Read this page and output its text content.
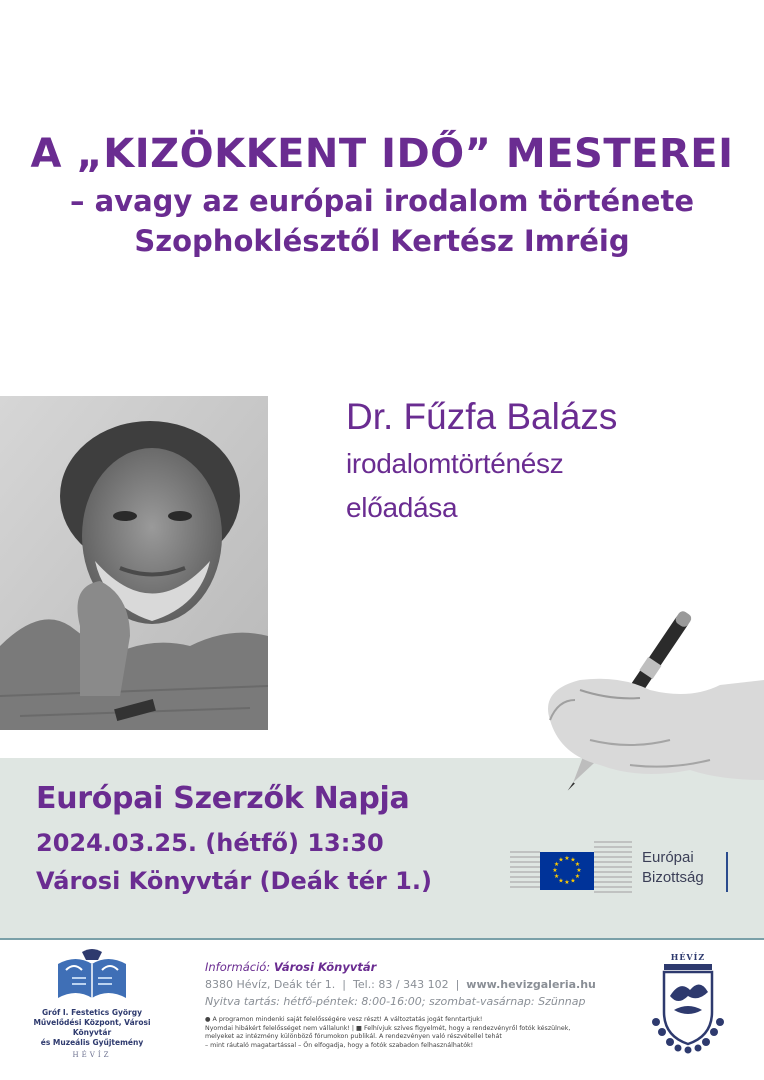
A „KIZÖKKENT IDŐ” MESTEREI
– avagy az európai irodalom története
Szophoklésztől Kertész Imréig
Dr. Fűzfa Balázs
irodalomtörténész
előadása
Európai Szerzők Napja
2024.03.25. (hétfő) 13:30
Városi Könyvtár (Deák tér 1.)
★ ★
★
★
★
★
★
★
★
★
★
★	Európai
Bizottság
Gróf I. Festetics György
Művelődési Központ, Városi Könyvtár
és Muzeális Gyűjtemény
HÉVÍZ
Információ: Városi Könyvtár
8380 Hévíz, Deák tér 1.  |  Tel.: 83 / 343 102  |  www.hevizgaleria.hu
Nyitva tartás: hétfő-péntek: 8:00-16:00; szombat-vasárnap: Szünnap
● A programon mindenki saját felelősségére vesz részt! A változtatás jogát fenntartjuk!
Nyomdai hibákért felelősséget nem vállalunk! | ■ Felhívjuk szíves figyelmét, hogy a rendezvényről fotók készülnek,
melyeket az intézmény különböző fórumokon publikál. A rendezvényen való részvétellel tehát
– mint ráutaló magatartással – Ön elfogadja, hogy a fotók szabadon felhasználhatók!
HÉVÍZ
